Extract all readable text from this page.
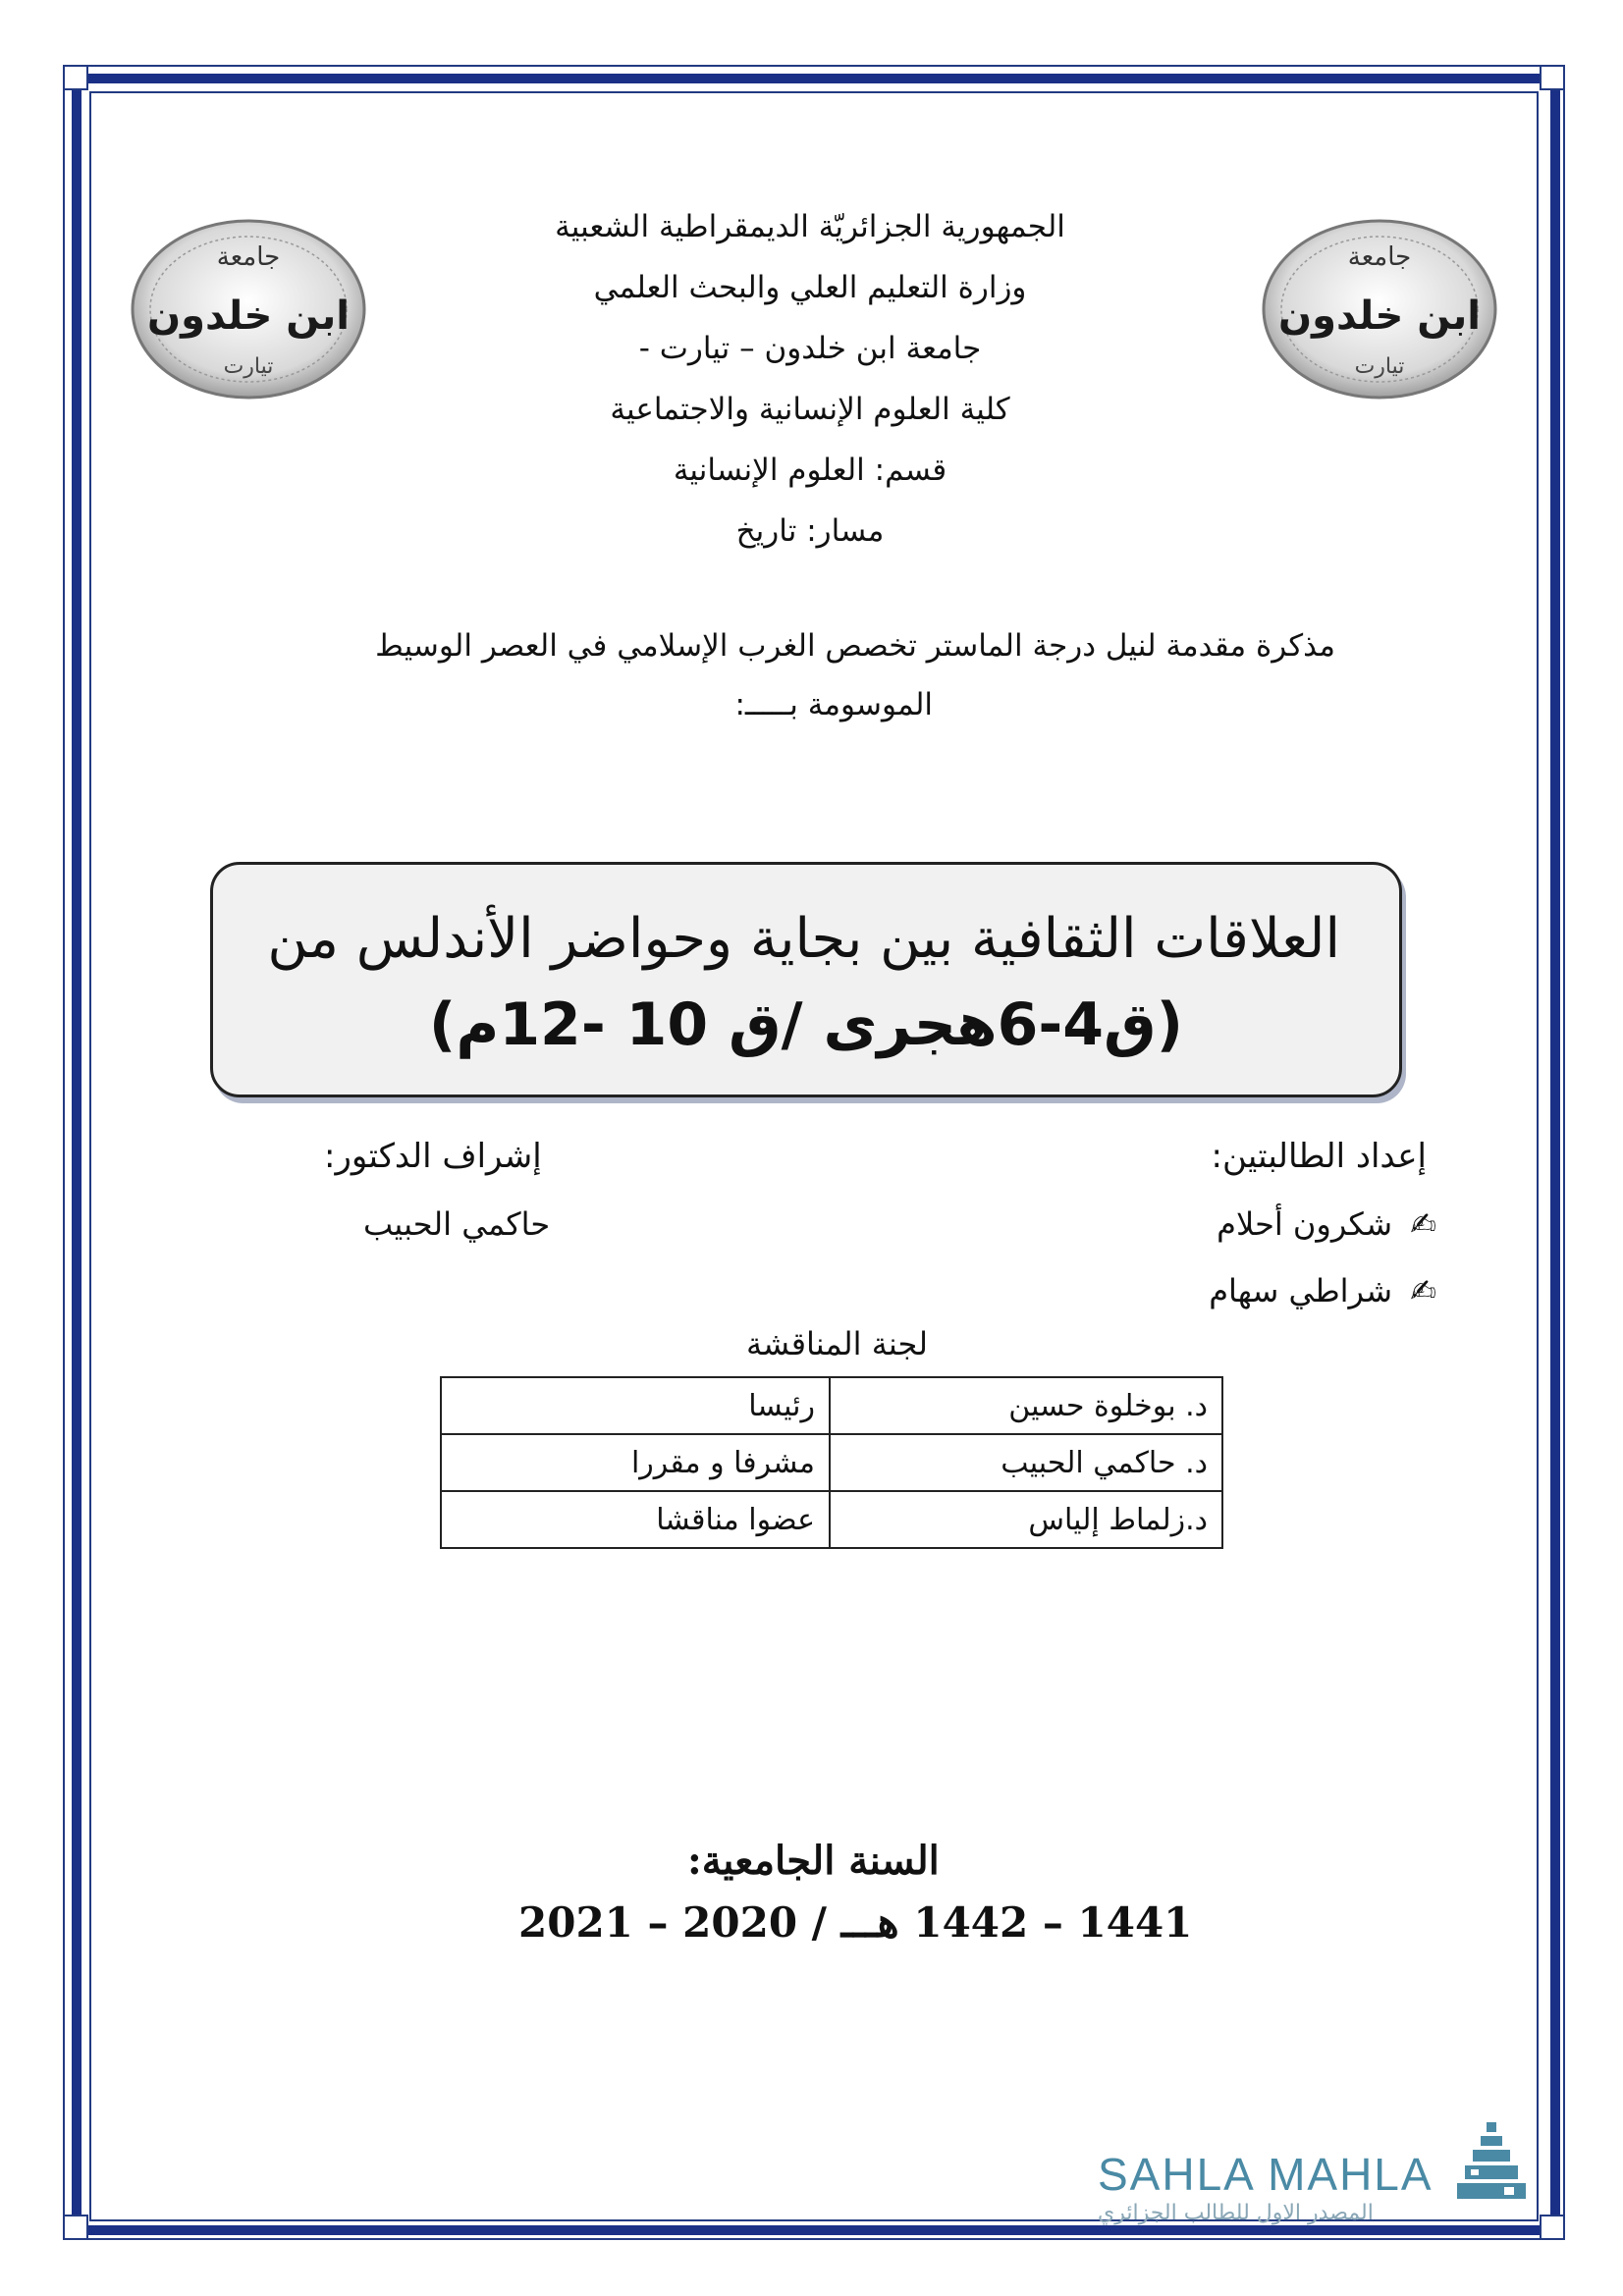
جامعة
ابن خلدون
تيارت
جامعة
ابن خلدون
تيارت
الجمهورية الجزائريّة الديمقراطية الشعبية
وزارة التعليم العلي والبحث العلمي
جامعة ابن خلدون – تيارت -
كلية العلوم الإنسانية والاجتماعية
قسم: العلوم الإنسانية
مسار: تاريخ
مذكرة مقدمة لنيل درجة الماستر تخصص الغرب الإسلامي في العصر الوسيط
الموسومة بـــــ:
العلاقات الثقافية بين بجاية وحواضر الأندلس من
(ق4-6هجرى /ق 10 -12م)
إعداد الطالبتين:
✍ شكرون أحلام
✍ شراطي سهام
إشراف الدكتور:
حاكمي الحبيب
لجنة المناقشة
د. بوخلوة حسين	رئيسا
د. حاكمي الحبيب	مشرفا و مقررا
د.زلماط إلياس	عضوا مناقشا
السنة الجامعية:
1441 – 1442 هـــ / 2020 – 2021
SAHLA MAHLA
المصدر الاول للطالب الجزائري
